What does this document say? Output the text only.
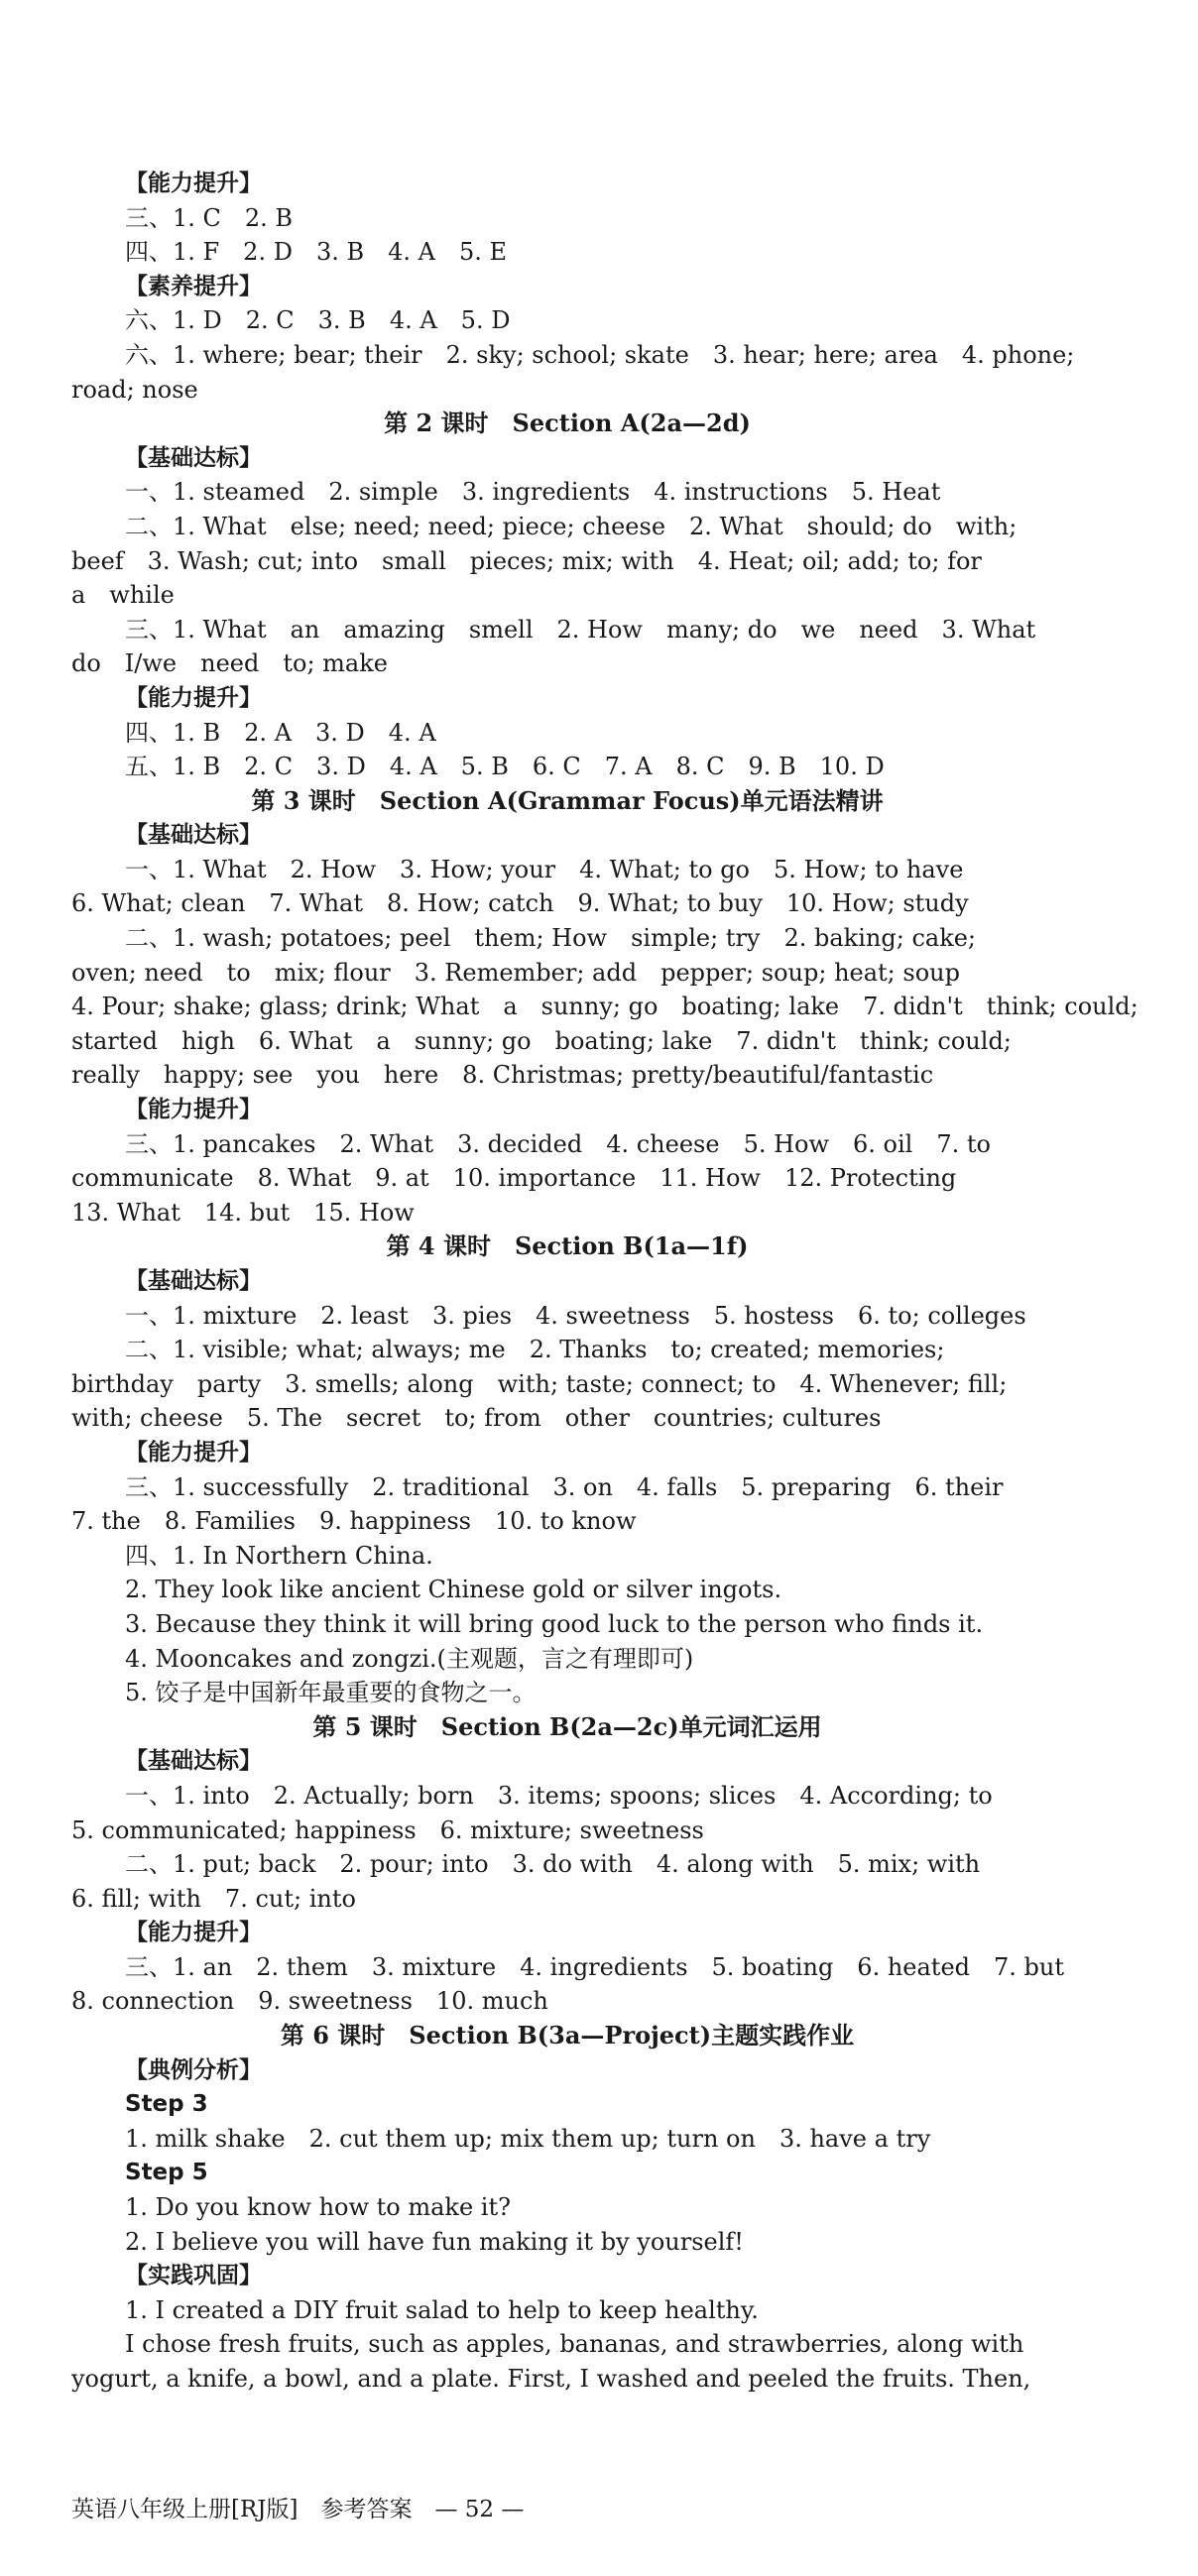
【能力提升】
三、1. C　2. B
四、1. F　2. D　3. B　4. A　5. E
【素养提升】
六、1. D　2. C　3. B　4. A　5. D
六、1. where; bear; their　2. sky; school; skate　3. hear; here; area　4. phone;
road; nose
第 2 课时　Section A(2a—2d)
【基础达标】
一、1. steamed　2. simple　3. ingredients　4. instructions　5. Heat
二、1. What　else; need; need; piece; cheese　2. What　should; do　with;
beef　3. Wash; cut; into　small　pieces; mix; with　4. Heat; oil; add; to; for
a　while
三、1. What　an　amazing　smell　2. How　many; do　we　need　3. What
do　I/we　need　to; make
【能力提升】
四、1. B　2. A　3. D　4. A
五、1. B　2. C　3. D　4. A　5. B　6. C　7. A　8. C　9. B　10. D
第 3 课时　Section A(Grammar Focus)单元语法精讲
【基础达标】
一、1. What　2. How　3. How; your　4. What; to go　5. How; to have
6. What; clean　7. What　8. How; catch　9. What; to buy　10. How; study
二、1. wash; potatoes; peel　them; How　simple; try　2. baking; cake;
oven; need　to　mix; flour　3. Remember; add　pepper; soup; heat; soup
4. Pour; shake; glass; drink; What　a　sunny; go　boating; lake　7. didn't　think; could;
started　high　6. What　a　sunny; go　boating; lake　7. didn't　think; could;
really　happy; see　you　here　8. Christmas; pretty/beautiful/fantastic
【能力提升】
三、1. pancakes　2. What　3. decided　4. cheese　5. How　6. oil　7. to
communicate　8. What　9. at　10. importance　11. How　12. Protecting
13. What　14. but　15. How
第 4 课时　Section B(1a—1f)
【基础达标】
一、1. mixture　2. least　3. pies　4. sweetness　5. hostess　6. to; colleges
二、1. visible; what; always; me　2. Thanks　to; created; memories;
birthday　party　3. smells; along　with; taste; connect; to　4. Whenever; fill;
with; cheese　5. The　secret　to; from　other　countries; cultures
【能力提升】
三、1. successfully　2. traditional　3. on　4. falls　5. preparing　6. their
7. the　8. Families　9. happiness　10. to know
四、1. In Northern China.
2. They look like ancient Chinese gold or silver ingots.
3. Because they think it will bring good luck to the person who finds it.
4. Mooncakes and zongzi.(主观题，言之有理即可)
5. 饺子是中国新年最重要的食物之一。
第 5 课时　Section B(2a—2c)单元词汇运用
【基础达标】
一、1. into　2. Actually; born　3. items; spoons; slices　4. According; to
5. communicated; happiness　6. mixture; sweetness
二、1. put; back　2. pour; into　3. do with　4. along with　5. mix; with
6. fill; with　7. cut; into
【能力提升】
三、1. an　2. them　3. mixture　4. ingredients　5. boating　6. heated　7. but
8. connection　9. sweetness　10. much
第 6 课时　Section B(3a—Project)主题实践作业
【典例分析】
Step 3
1. milk shake　2. cut them up; mix them up; turn on　3. have a try
Step 5
1. Do you know how to make it?
2. I believe you will have fun making it by yourself!
【实践巩固】
1. I created a DIY fruit salad to help to keep healthy.
I chose fresh fruits, such as apples, bananas, and strawberries, along with
yogurt, a knife, a bowl, and a plate. First, I washed and peeled the fruits. Then,
英语八年级上册[RJ版]　参考答案　— 52 —
